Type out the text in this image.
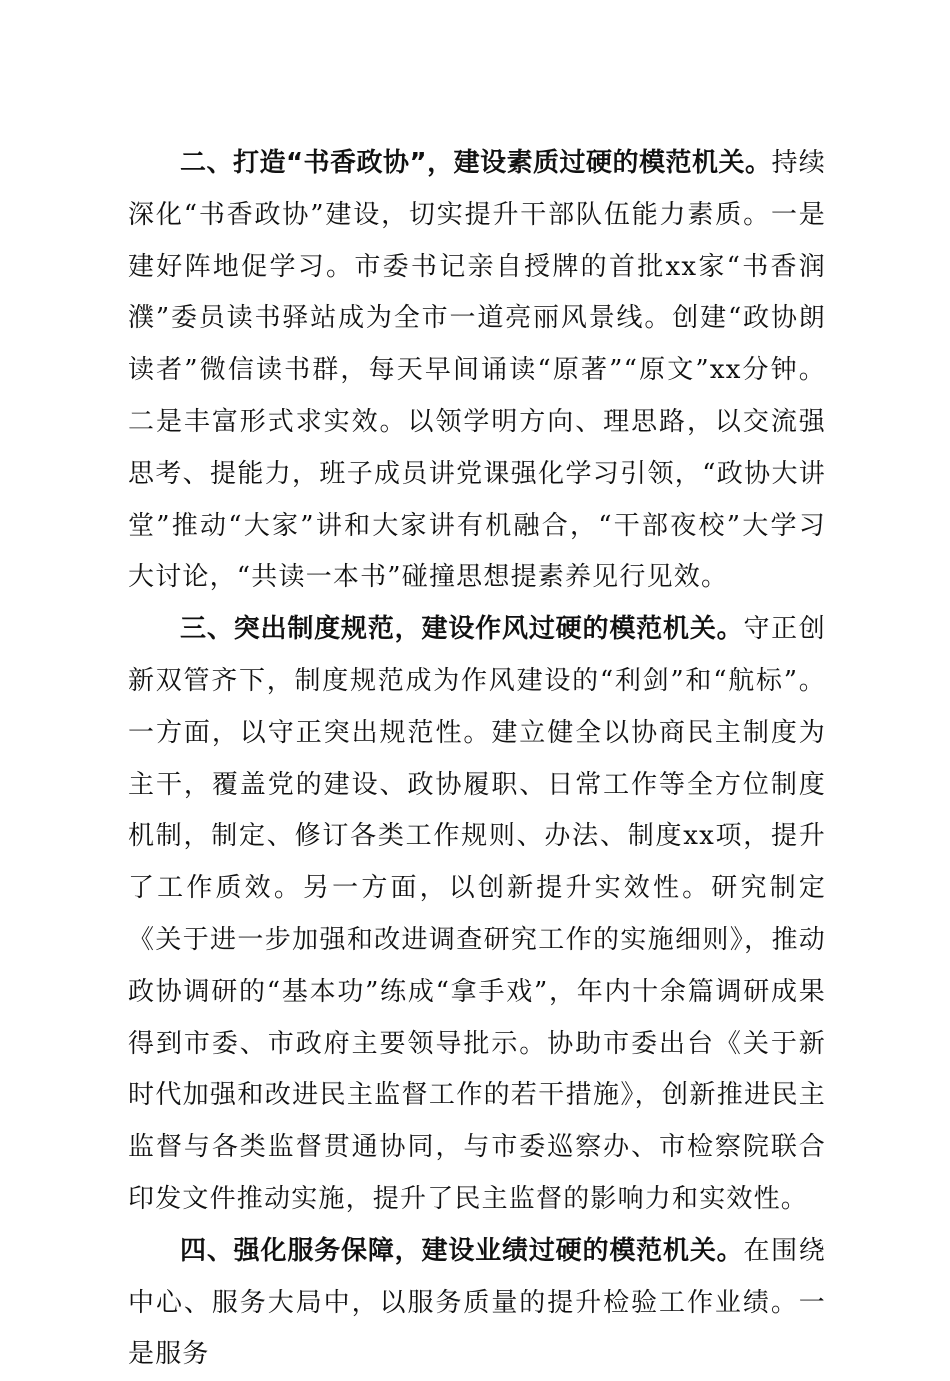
二、打造“书香政协”，建设素质过硬的模范机关。持续深化“书香政协”建设，切实提升干部队伍能力素质。一是建好阵地促学习。市委书记亲自授牌的首批xx家“书香润濮”委员读书驿站成为全市一道亮丽风景线。创建“政协朗读者”微信读书群，每天早间诵读“原著”“原文”xx分钟。二是丰富形式求实效。以领学明方向、理思路，以交流强思考、提能力，班子成员讲党课强化学习引领，“政协大讲堂”推动“大家”讲和大家讲有机融合，“干部夜校”大学习大讨论，“共读一本书”碰撞思想提素养见行见效。

三、突出制度规范，建设作风过硬的模范机关。守正创新双管齐下，制度规范成为作风建设的“利剑”和“航标”。一方面，以守正突出规范性。建立健全以协商民主制度为主干，覆盖党的建设、政协履职、日常工作等全方位制度机制，制定、修订各类工作规则、办法、制度xx项，提升了工作质效。另一方面，以创新提升实效性。研究制定《关于进一步加强和改进调查研究工作的实施细则》，推动政协调研的“基本功”练成“拿手戏”，年内十余篇调研成果得到市委、市政府主要领导批示。协助市委出台《关于新时代加强和改进民主监督工作的若干措施》，创新推进民主监督与各类监督贯通协同，与市委巡察办、市检察院联合印发文件推动实施，提升了民主监督的影响力和实效性。

四、强化服务保障，建设业绩过硬的模范机关。在围绕中心、服务大局中，以服务质量的提升检验工作业绩。一是服务
